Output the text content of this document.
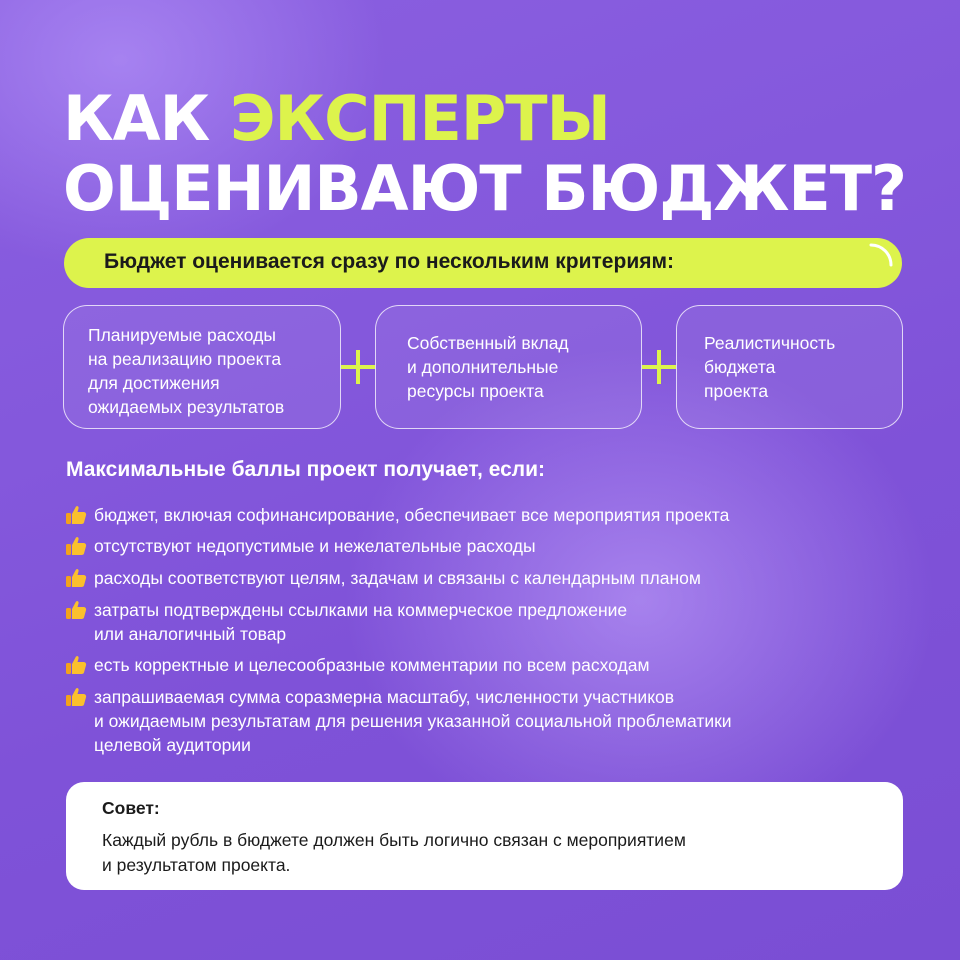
КАК ЭКСПЕРТЫ
ОЦЕНИВАЮТ БЮДЖЕТ?
Бюджет оценивается сразу по нескольким критериям:
Планируемые расходы
на реализацию проекта
для достижения
ожидаемых результатов
Собственный вклад
и дополнительные
ресурсы проекта
Реалистичность
бюджета
проекта
Максимальные баллы проект получает, если:
бюджет, включая софинансирование, обеспечивает все мероприятия проекта
отсутствуют недопустимые и нежелательные расходы
расходы соответствуют целям, задачам и связаны с календарным планом
затраты подтверждены ссылками на коммерческое предложение
или аналогичный товар
есть корректные и целесообразные комментарии по всем расходам
запрашиваемая сумма соразмерна масштабу, численности участников
и ожидаемым результатам для решения указанной социальной проблематики
целевой аудитории
Совет:
Каждый рубль в бюджете должен быть логично связан с мероприятием
и результатом проекта.
